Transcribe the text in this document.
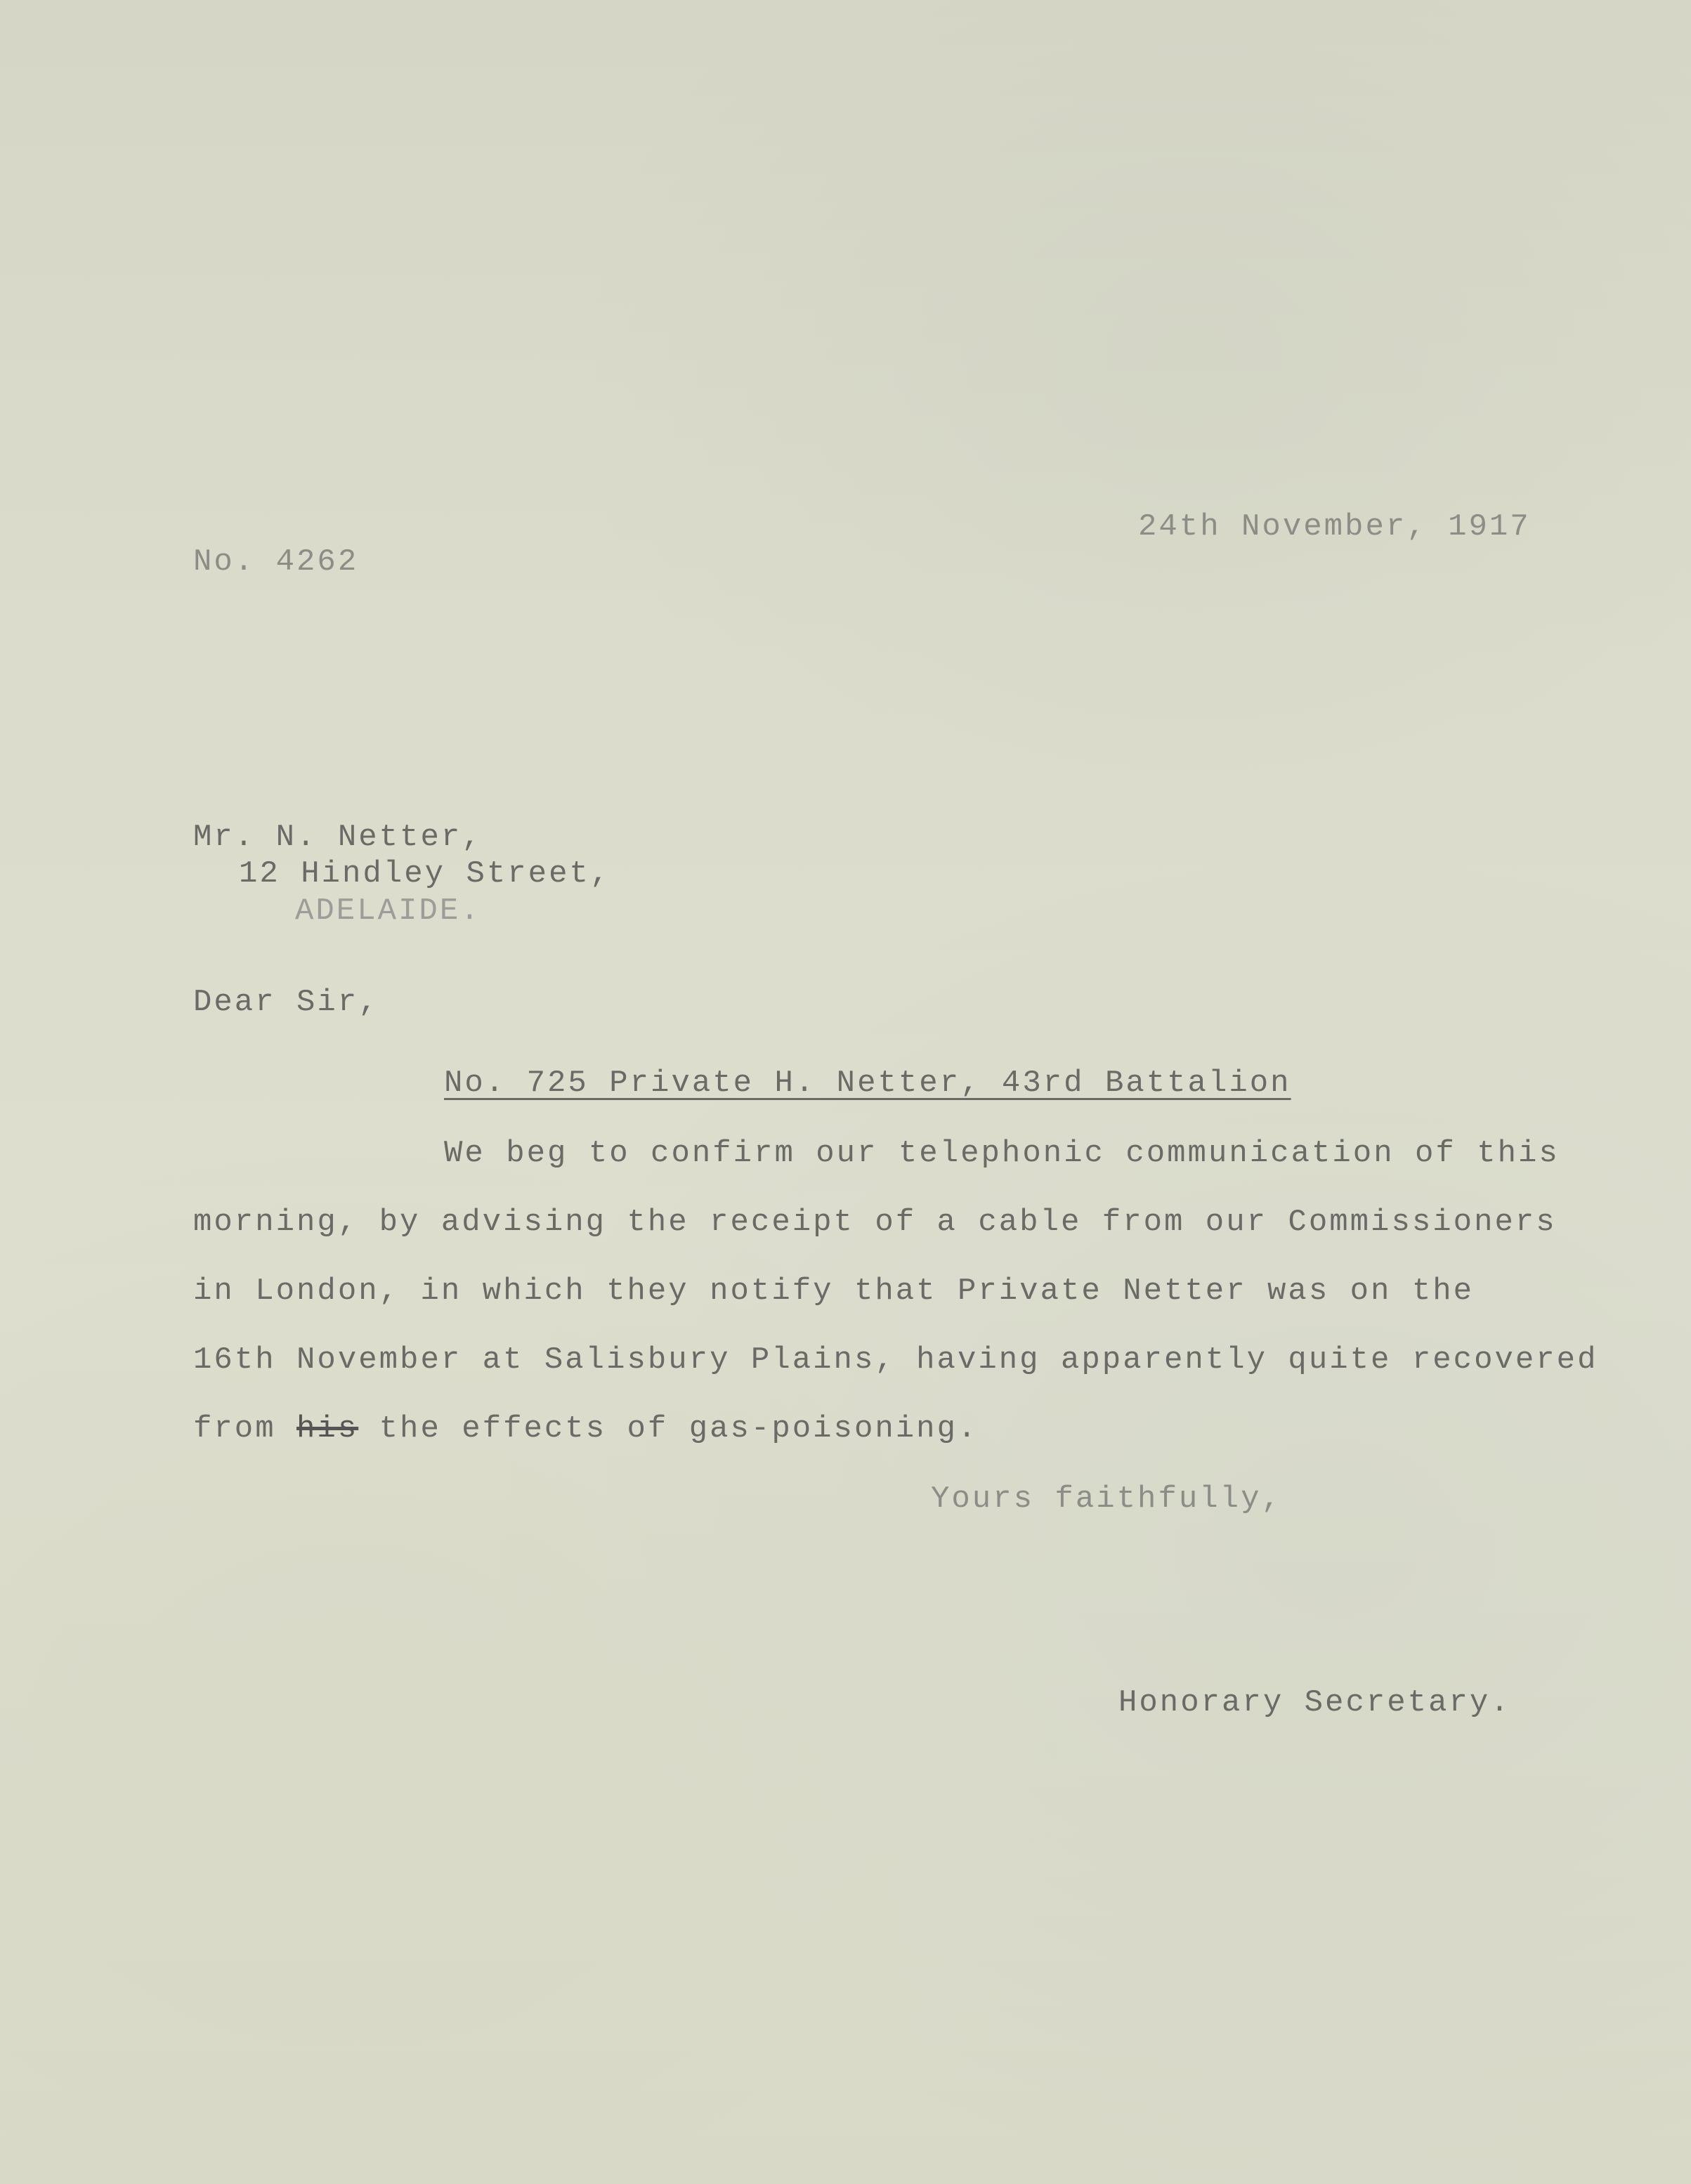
No. 4262
24th November, 1917
Mr. N. Netter,
12 Hindley Street,
ADELAIDE.
Dear Sir,
No. 725 Private H. Netter, 43rd Battalion
We beg to confirm our telephonic communication of this
morning, by advising the receipt of a cable from our Commissioners
in London, in which they notify that Private Netter was on the
16th November at Salisbury Plains, having apparently quite recovered
from his the effects of gas-poisoning.
Yours faithfully,
Honorary Secretary.
